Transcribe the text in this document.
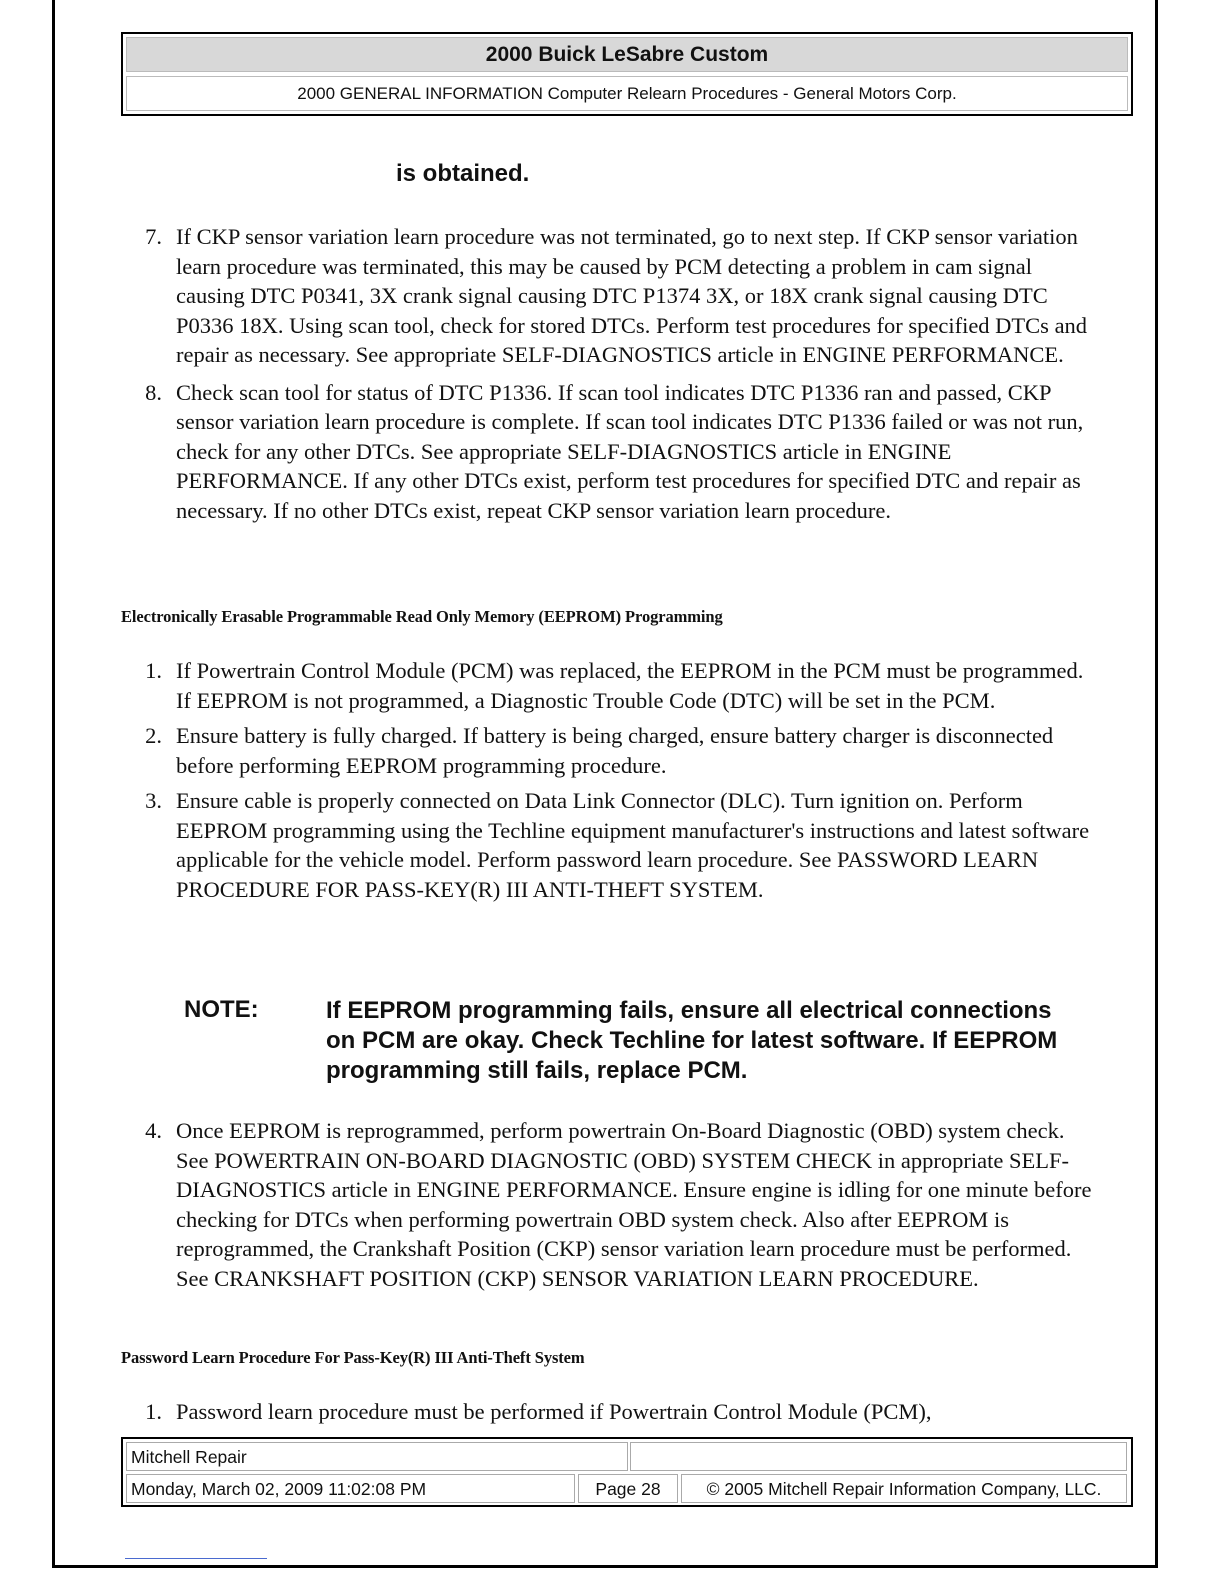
2000 Buick LeSabre Custom
2000 GENERAL INFORMATION Computer Relearn Procedures - General Motors Corp.
is obtained.
7. If CKP sensor variation learn procedure was not terminated, go to next step. If CKP sensor variation learn procedure was terminated, this may be caused by PCM detecting a problem in cam signal causing DTC P0341, 3X crank signal causing DTC P1374 3X, or 18X crank signal causing DTC P0336 18X. Using scan tool, check for stored DTCs. Perform test procedures for specified DTCs and repair as necessary. See appropriate SELF-DIAGNOSTICS article in ENGINE PERFORMANCE.
8. Check scan tool for status of DTC P1336. If scan tool indicates DTC P1336 ran and passed, CKP sensor variation learn procedure is complete. If scan tool indicates DTC P1336 failed or was not run, check for any other DTCs. See appropriate SELF-DIAGNOSTICS article in ENGINE PERFORMANCE. If any other DTCs exist, perform test procedures for specified DTC and repair as necessary. If no other DTCs exist, repeat CKP sensor variation learn procedure.
Electronically Erasable Programmable Read Only Memory (EEPROM) Programming
1. If Powertrain Control Module (PCM) was replaced, the EEPROM in the PCM must be programmed. If EEPROM is not programmed, a Diagnostic Trouble Code (DTC) will be set in the PCM.
2. Ensure battery is fully charged. If battery is being charged, ensure battery charger is disconnected before performing EEPROM programming procedure.
3. Ensure cable is properly connected on Data Link Connector (DLC). Turn ignition on. Perform EEPROM programming using the Techline equipment manufacturer's instructions and latest software applicable for the vehicle model. Perform password learn procedure. See PASSWORD LEARN PROCEDURE FOR PASS-KEY(R) III ANTI-THEFT SYSTEM.
NOTE:	If EEPROM programming fails, ensure all electrical connections on PCM are okay. Check Techline for latest software. If EEPROM programming still fails, replace PCM.
4. Once EEPROM is reprogrammed, perform powertrain On-Board Diagnostic (OBD) system check. See POWERTRAIN ON-BOARD DIAGNOSTIC (OBD) SYSTEM CHECK in appropriate SELF-DIAGNOSTICS article in ENGINE PERFORMANCE. Ensure engine is idling for one minute before checking for DTCs when performing powertrain OBD system check. Also after EEPROM is reprogrammed, the Crankshaft Position (CKP) sensor variation learn procedure must be performed. See CRANKSHAFT POSITION (CKP) SENSOR VARIATION LEARN PROCEDURE.
Password Learn Procedure For Pass-Key(R) III Anti-Theft System
1. Password learn procedure must be performed if Powertrain Control Module (PCM),
Mitchell Repair
Monday, March 02, 2009 11:02:08 PM	Page 28	© 2005 Mitchell Repair Information Company, LLC.
